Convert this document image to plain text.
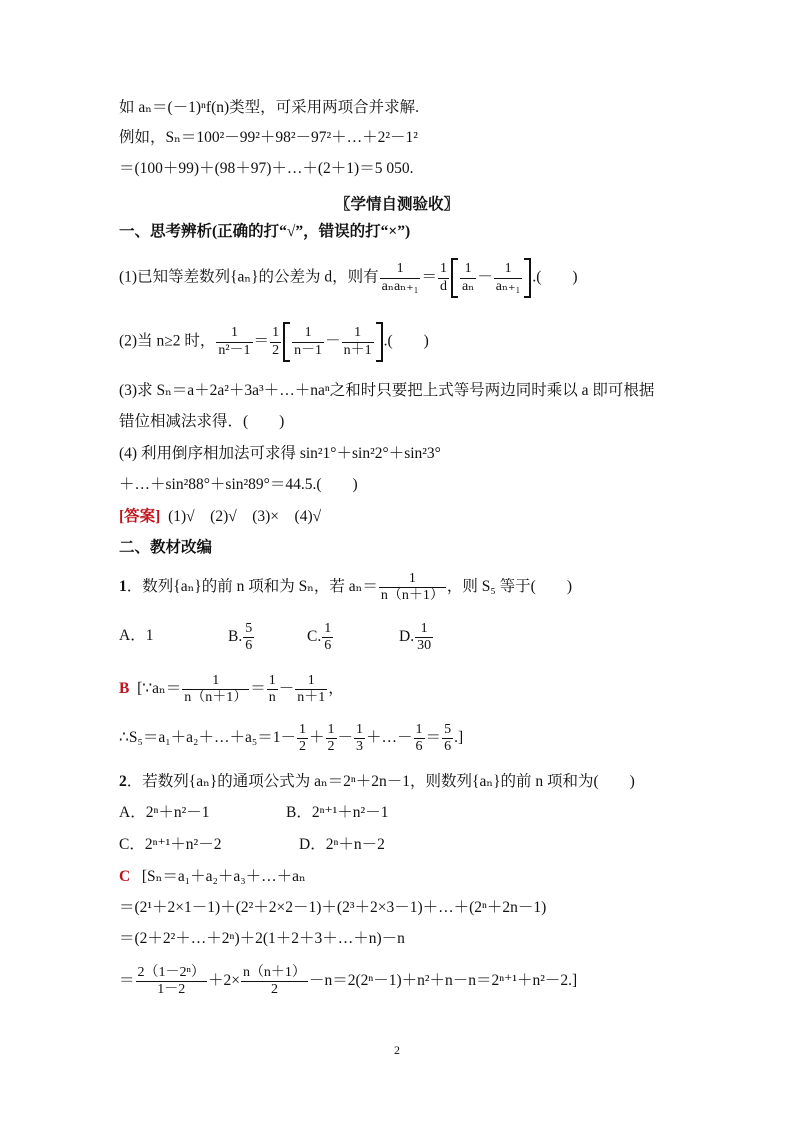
如 aₙ＝(－1)ⁿf(n)类型，可采用两项合并求解.
例如，Sₙ＝100²－99²＋98²－97²＋…＋2²－1²
＝(100＋99)＋(98＋97)＋…＋(2＋1)＝5 050.
〖学情自测验收〗
一、思考辨析(正确的打“√”，错误的打“×”)
(1)已知等差数列{aₙ}的公差为 d，则有 $\frac{1}{\text{aₙaₙ₊₁}} = \frac{1}{d} \frac{1}{\text{aₙ}} - \frac{1}{\text{aₙ₊₁}}$ .(　　)
(2)当 n≥2 时， $\frac{1}{\text{n²－1}} = \frac{1}{2} \frac{1}{n-1} - \frac{1}{n+1}$ .(　　)
(3)求 Sₙ＝a＋2a²＋3a³＋…＋naⁿ之和时只要把上式等号两边同时乘以 a 即可根据
错位相减法求得．(　　)
(4) 利用倒序相加法可求得 sin²1°＋sin²2°＋sin²3°
＋…＋sin²88°＋sin²89°＝44.5.(　　)
[答案] (1)√　(2)√　(3)×　(4)√
二、教材改编
1．数列{aₙ}的前 n 项和为 Sₙ，若 $a_n= \frac{1}{n(n+1)}$ ，则 S₅ 等于(　　)
A．1	B. $\frac{5}{6}$	C. $\frac{1}{6}$	D. $\frac{1}{30}$
B [∵aₙ＝ $\frac{1}{n(n+1)} = \frac{1}{n} - \frac{1}{n+1}$ ，
∴S₅＝a₁＋a₂＋…＋a₅＝1－ $\frac{1}{2} + \frac{1}{2} - \frac{1}{3}$ ＋…－ $\frac{1}{6} = \frac{5}{6}$ .]
2．若数列{aₙ}的通项公式为 aₙ＝2ⁿ＋2n－1，则数列{aₙ}的前 n 项和为(　　)
A．2ⁿ＋n²－1	B．2ⁿ⁺¹＋n²－1
C．2ⁿ⁺¹＋n²－2	D．2ⁿ＋n－2
C [Sₙ＝a₁＋a₂＋a₃＋…＋aₙ
＝(2¹＋2×1－1)＋(2²＋2×2－1)＋(2³＋2×3－1)＋…＋(2ⁿ＋2n－1)
＝(2＋2²＋…＋2ⁿ)＋2(1＋2＋3＋…＋n)－n
＝ $\frac{\text{2（1－2ⁿ）}}{1-2} +2\times \frac{n(n+1)}{2} -n=2(2^n-1)+n^2+n-n=2^{n+1}+n^2-2$.]
2
